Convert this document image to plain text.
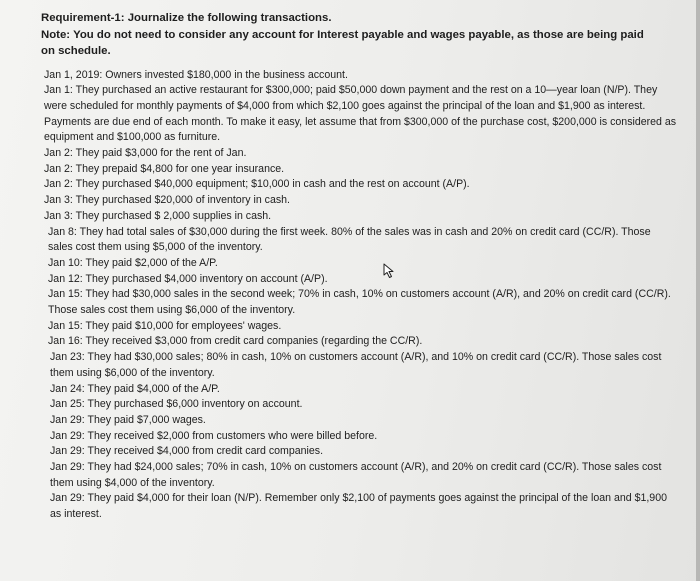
Requirement-1: Journalize the following transactions.

Note: You do not need to consider any account for Interest payable and wages payable, as those are being paid on schedule.

Jan 1, 2019: Owners invested $180,000 in the business account.
Jan 1: They purchased an active restaurant for $300,000; paid $50,000 down payment and the rest on a 10—year loan (N/P). They were scheduled for monthly payments of $4,000 from which $2,100 goes against the principal of the loan and $1,900 as interest. Payments are due end of each month. To make it easy, let assume that from $300,000 of the purchase cost, $200,000 is considered as equipment and $100,000 as furniture.
Jan 2: They paid $3,000 for the rent of Jan.
Jan 2: They prepaid $4,800 for one year insurance.
Jan 2: They purchased $40,000 equipment; $10,000 in cash and the rest on account (A/P).
Jan 3: They purchased $20,000 of inventory in cash.
Jan 3: They purchased $ 2,000 supplies in cash.
Jan 8: They had total sales of $30,000 during the first week. 80% of the sales was in cash and 20% on credit card (CC/R). Those sales cost them using $5,000 of the inventory.
Jan 10: They paid $2,000 of the A/P.
Jan 12: They purchased $4,000 inventory on account (A/P).
Jan 15: They had $30,000 sales in the second week; 70% in cash, 10% on customers account (A/R), and 20% on credit card (CC/R). Those sales cost them using $6,000 of the inventory.
Jan 15: They paid $10,000 for employees' wages.
Jan 16: They received $3,000 from credit card companies (regarding the CC/R).
Jan 23: They had $30,000 sales; 80% in cash, 10% on customers account (A/R), and 10% on credit card (CC/R). Those sales cost them using $6,000 of the inventory.
Jan 24: They paid $4,000 of the A/P.
Jan 25: They purchased $6,000 inventory on account.
Jan 29: They paid $7,000 wages.
Jan 29: They received $2,000 from customers who were billed before.
Jan 29: They received $4,000 from credit card companies.
Jan 29: They had $24,000 sales; 70% in cash, 10% on customers account (A/R), and 20% on credit card (CC/R). Those sales cost them using $4,000 of the inventory.
Jan 29: They paid $4,000 for their loan (N/P). Remember only $2,100 of payments goes against the principal of the loan and $1,900 as interest.
